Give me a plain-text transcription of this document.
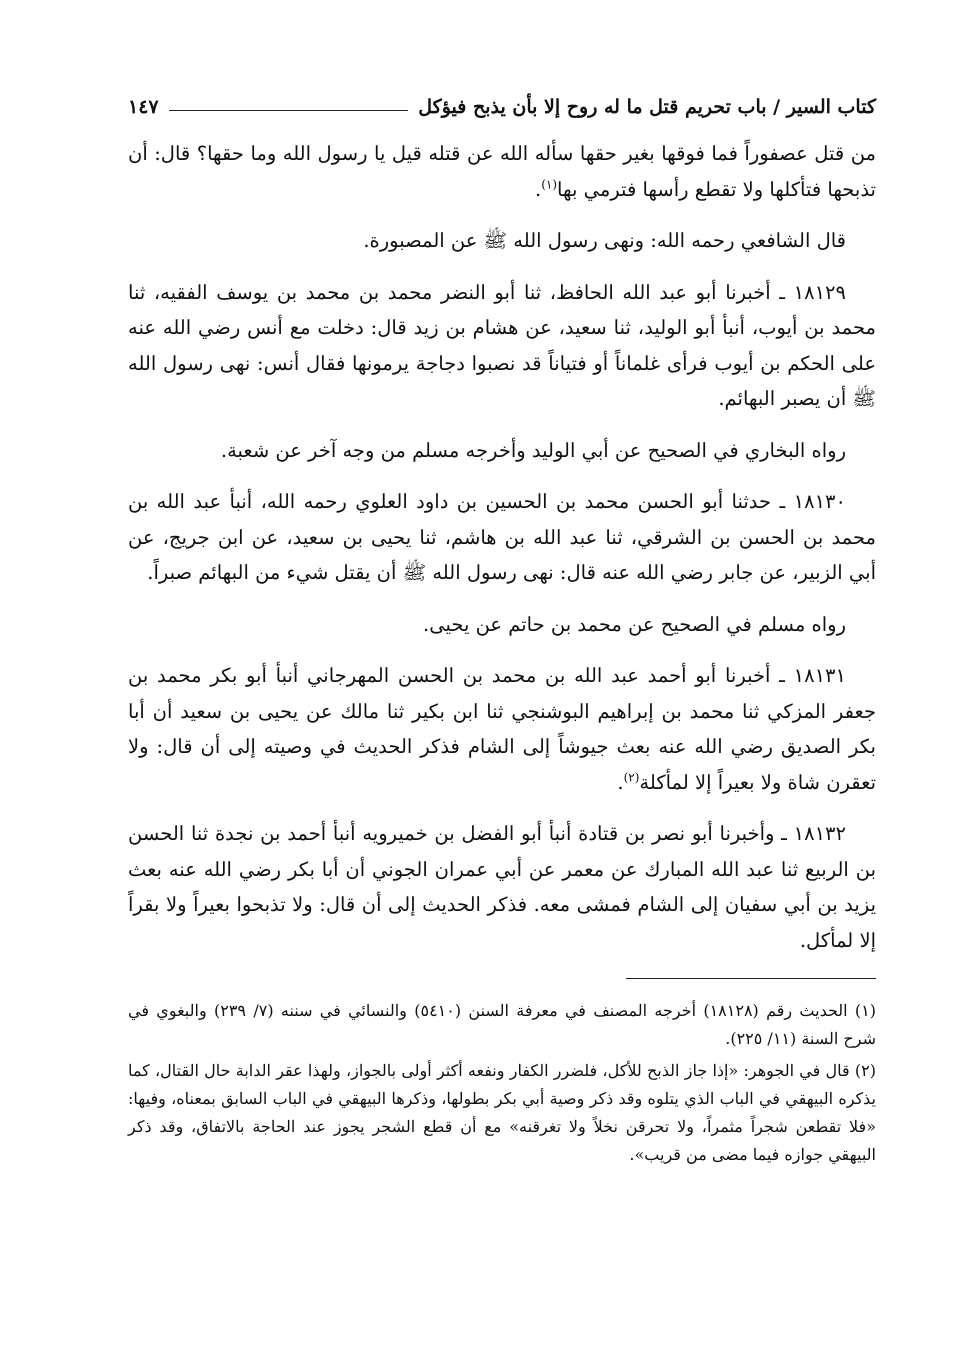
كتاب السير / باب تحريم قتل ما له روح إلا بأن يذبح فيؤكل
١٤٧

من قتل عصفوراً فما فوقها بغير حقها سأله الله عن قتله قيل يا رسول الله وما حقها؟ قال: أن تذبحها فتأكلها ولا تقطع رأسها فترمي بها$^{(١)}$.

قال الشافعي رحمه الله: ونهى رسول الله ﷺ عن المصبورة.

١٨١٢٩ ـ أخبرنا أبو عبد الله الحافظ، ثنا أبو النضر محمد بن محمد بن يوسف الفقيه، ثنا محمد بن أيوب، أنبأ أبو الوليد، ثنا سعيد، عن هشام بن زيد قال: دخلت مع أنس رضي الله عنه على الحكم بن أيوب فرأى غلماناً أو فتياناً قد نصبوا دجاجة يرمونها فقال أنس: نهى رسول الله ﷺ أن يصبر البهائم.

رواه البخاري في الصحيح عن أبي الوليد وأخرجه مسلم من وجه آخر عن شعبة.

١٨١٣٠ ـ حدثنا أبو الحسن محمد بن الحسين بن داود العلوي رحمه الله، أنبأ عبد الله بن محمد بن الحسن بن الشرقي، ثنا عبد الله بن هاشم، ثنا يحيى بن سعيد، عن ابن جريج، عن أبي الزبير، عن جابر رضي الله عنه قال: نهى رسول الله ﷺ أن يقتل شيء من البهائم صبراً.

رواه مسلم في الصحيح عن محمد بن حاتم عن يحيى.

١٨١٣١ ـ أخبرنا أبو أحمد عبد الله بن محمد بن الحسن المهرجاني أنبأ أبو بكر محمد بن جعفر المزكي ثنا محمد بن إبراهيم البوشنجي ثنا ابن بكير ثنا مالك عن يحيى بن سعيد أن أبا بكر الصديق رضي الله عنه بعث جيوشاً إلى الشام فذكر الحديث في وصيته إلى أن قال: ولا تعقرن شاة ولا بعيراً إلا لمأكلة$^{(٢)}$.

١٨١٣٢ ـ وأخبرنا أبو نصر بن قتادة أنبأ أبو الفضل بن خميرويه أنبأ أحمد بن نجدة ثنا الحسن بن الربيع ثنا عبد الله المبارك عن معمر عن أبي عمران الجوني أن أبا بكر رضي الله عنه بعث يزيد بن أبي سفيان إلى الشام فمشى معه. فذكر الحديث إلى أن قال: ولا تذبحوا بعيراً ولا بقراً إلا لمأكل.

(١) الحديث رقم (١٨١٢٨) أخرجه المصنف في معرفة السنن (٥٤١٠) والنسائي في سننه (٧/ ٢٣٩) والبغوي في شرح السنة (١١/ ٢٢٥).

(٢) قال في الجوهر: «إذا جاز الذبح للأكل، فلضرر الكفار ونفعه أكثر أولى بالجواز، ولهذا عقر الدابة حال القتال، كما يذكره البيهقي في الباب الذي يتلوه وقد ذكر وصية أبي بكر بطولها، وذكرها البيهقي في الباب السابق بمعناه، وفيها: «فلا تقطعن شجراً مثمراً، ولا تحرقن نخلاً ولا تغرقنه» مع أن قطع الشجر يجوز عند الحاجة بالاتفاق، وقد ذكر البيهقي جوازه فيما مضى من قريب».
